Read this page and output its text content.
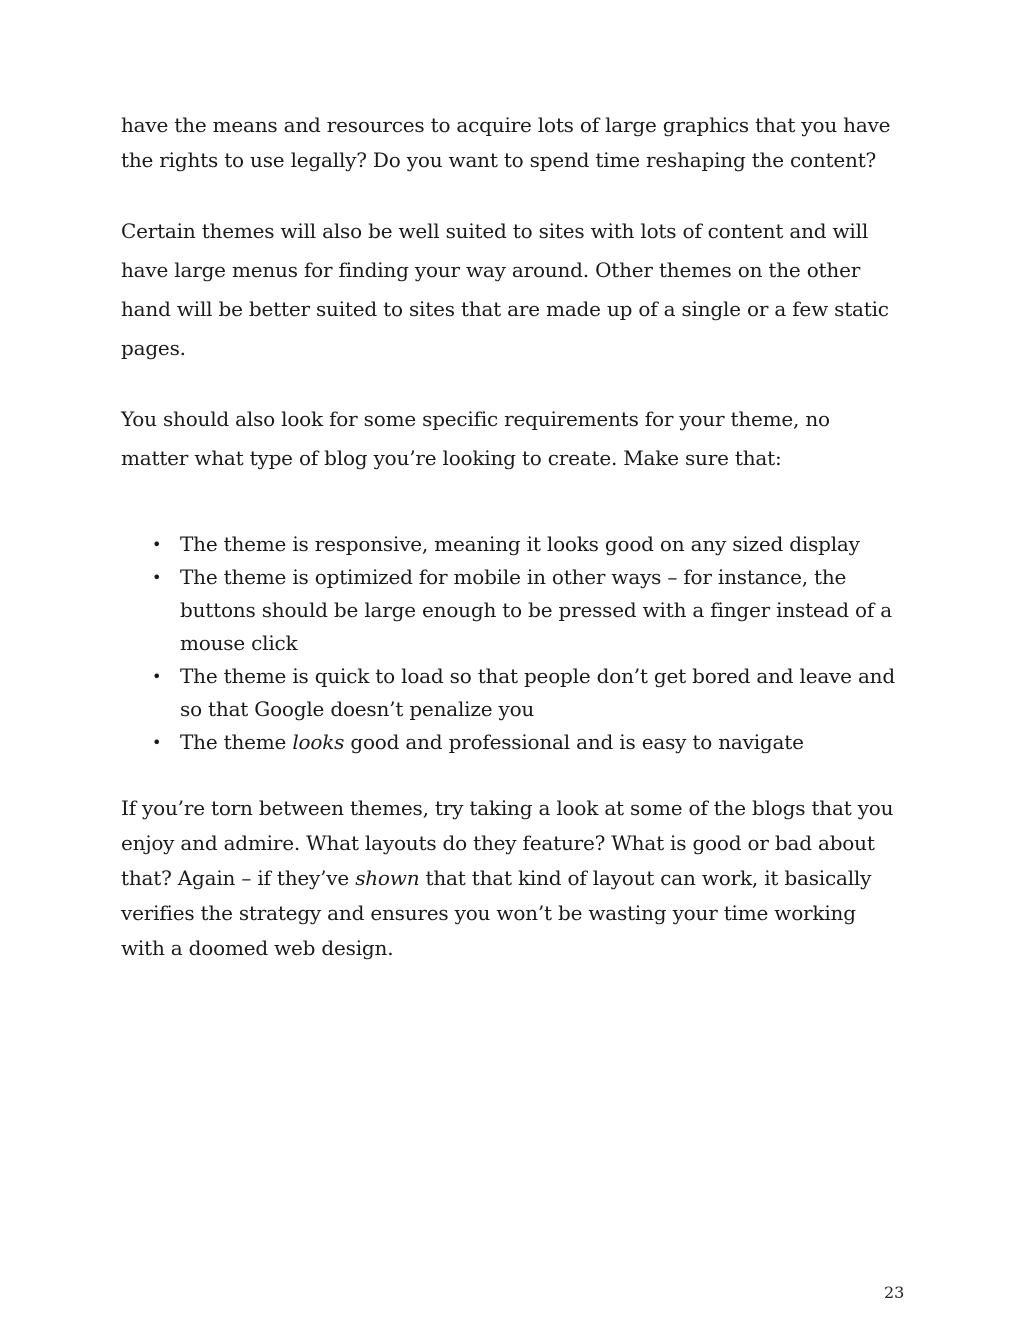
have the means and resources to acquire lots of large graphics that you have the rights to use legally? Do you want to spend time reshaping the content?

Certain themes will also be well suited to sites with lots of content and will have large menus for finding your way around. Other themes on the other hand will be better suited to sites that are made up of a single or a few static pages.

You should also look for some specific requirements for your theme, no matter what type of blog you’re looking to create. Make sure that:

• The theme is responsive, meaning it looks good on any sized display
• The theme is optimized for mobile in other ways – for instance, the buttons should be large enough to be pressed with a finger instead of a mouse click
• The theme is quick to load so that people don’t get bored and leave and so that Google doesn’t penalize you
• The theme looks good and professional and is easy to navigate

If you’re torn between themes, try taking a look at some of the blogs that you enjoy and admire. What layouts do they feature? What is good or bad about that? Again – if they’ve shown that that kind of layout can work, it basically verifies the strategy and ensures you won’t be wasting your time working with a doomed web design.

23
